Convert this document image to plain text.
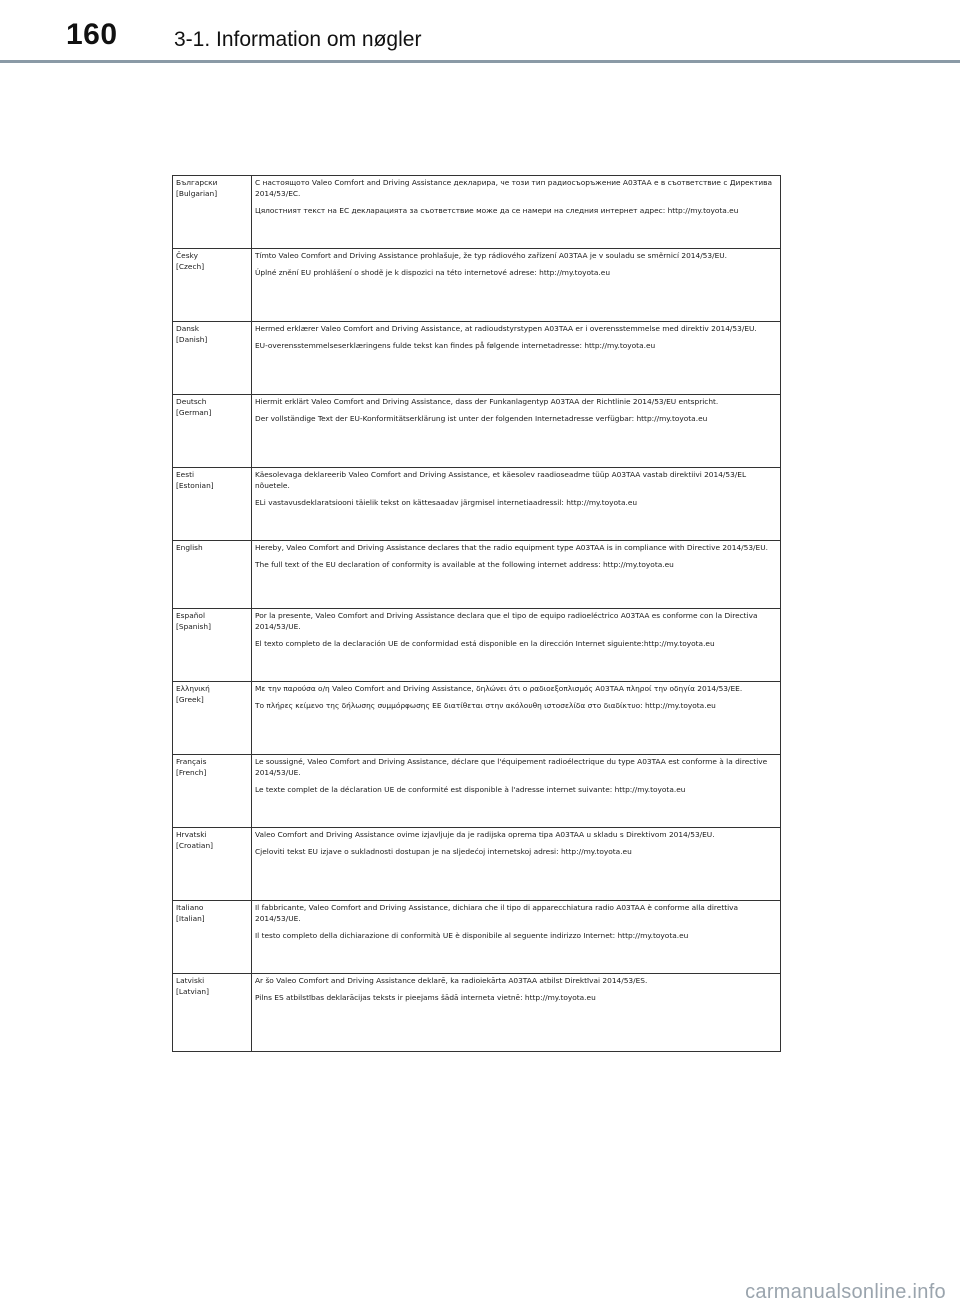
160	3-1. Information om nøgler
Български
[Bulgarian]	С настоящото Valeo Comfort and Driving Assistance декларира, че този тип радиосъоръжение A03TAA е в съответствие с Директива 2014/53/ЕС.
Цялостният текст на ЕС декларацията за съответствие може да се намери на следния интернет адрес: http://my.toyota.eu

Česky
[Czech]	Tímto Valeo Comfort and Driving Assistance prohlašuje, že typ rádiového zařízení A03TAA je v souladu se směrnicí 2014/53/EU.
Úplné znění EU prohlášení o shodě je k dispozici na této internetové adrese: http://my.toyota.eu

Dansk
[Danish]	Hermed erklærer Valeo Comfort and Driving Assistance, at radioudstyrstypen A03TAA er i overensstemmelse med direktiv 2014/53/EU.
EU-overensstemmelseserklæringens fulde tekst kan findes på følgende internetadresse: http://my.toyota.eu

Deutsch
[German]	Hiermit erklärt Valeo Comfort and Driving Assistance, dass der Funkanlagentyp A03TAA der Richtlinie 2014/53/EU entspricht.
Der vollständige Text der EU-Konformitätserklärung ist unter der folgenden Internetadresse verfügbar: http://my.toyota.eu

Eesti
[Estonian]	Käesolevaga deklareerib Valeo Comfort and Driving Assistance, et käesolev raadioseadme tüüp A03TAA vastab direktiivi 2014/53/EL nõuetele.
ELi vastavusdeklaratsiooni täielik tekst on kättesaadav järgmisel internetiaadressil: http://my.toyota.eu

English	Hereby, Valeo Comfort and Driving Assistance declares that the radio equipment type A03TAA is in compliance with Directive 2014/53/EU.
The full text of the EU declaration of conformity is available at the following internet address: http://my.toyota.eu

Español
[Spanish]	Por la presente, Valeo Comfort and Driving Assistance declara que el tipo de equipo radioeléctrico A03TAA es conforme con la Directiva 2014/53/UE.
El texto completo de la declaración UE de conformidad está disponible en la dirección Internet siguiente:http://my.toyota.eu

Ελληνική
[Greek]	Με την παρούσα ο/η Valeo Comfort and Driving Assistance, δηλώνει ότι ο ραδιοεξοπλισμός A03TAA πληροί την οδηγία 2014/53/ΕΕ.
Το πλήρες κείμενο της δήλωσης συμμόρφωσης ΕΕ διατίθεται στην ακόλουθη ιστοσελίδα στο διαδίκτυο: http://my.toyota.eu

Français
[French]	Le soussigné, Valeo Comfort and Driving Assistance, déclare que l'équipement radioélectrique du type A03TAA est conforme à la directive 2014/53/UE.
Le texte complet de la déclaration UE de conformité est disponible à l'adresse internet suivante: http://my.toyota.eu

Hrvatski
[Croatian]	Valeo Comfort and Driving Assistance ovime izjavljuje da je radijska oprema tipa A03TAA u skladu s Direktivom 2014/53/EU.
Cjeloviti tekst EU izjave o sukladnosti dostupan je na sljedećoj internetskoj adresi: http://my.toyota.eu

Italiano
[Italian]	Il fabbricante, Valeo Comfort and Driving Assistance, dichiara che il tipo di apparecchiatura radio A03TAA è conforme alla direttiva 2014/53/UE.
Il testo completo della dichiarazione di conformità UE è disponibile al seguente indirizzo Internet: http://my.toyota.eu

Latviski
[Latvian]	Ar šo Valeo Comfort and Driving Assistance deklarē, ka radioiekārta A03TAA atbilst Direktīvai 2014/53/ES.
Pilns ES atbilstības deklarācijas teksts ir pieejams šādā interneta vietnē: http://my.toyota.eu
carmanualsonline.info
